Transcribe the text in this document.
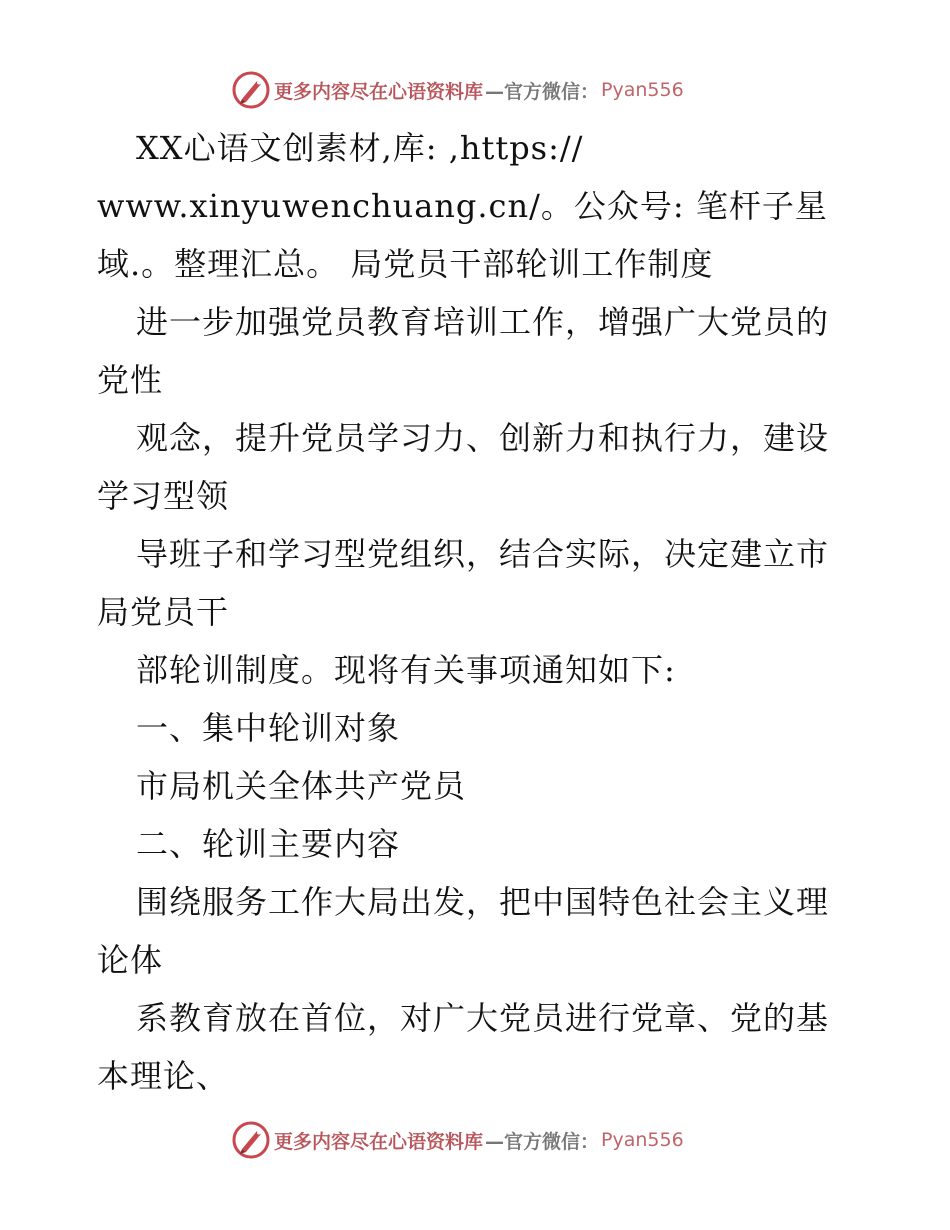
更多内容尽在心语资料库 —官方微信： Pyan556
XX心语文创素材,库: ,https://
www.xinyuwenchuang.cn/。公众号: 笔杆子星
域.。整理汇总。 局党员干部轮训工作制度
进一步加强党员教育培训工作，增强广大党员的
党性
观念，提升党员学习力、创新力和执行力，建设
学习型领
导班子和学习型党组织，结合实际，决定建立市
局党员干
部轮训制度。现将有关事项通知如下:
一、集中轮训对象
市局机关全体共产党员
二、轮训主要内容
围绕服务工作大局出发，把中国特色社会主义理
论体
系教育放在首位，对广大党员进行党章、党的基
本理论、
更多内容尽在心语资料库 —官方微信： Pyan556
